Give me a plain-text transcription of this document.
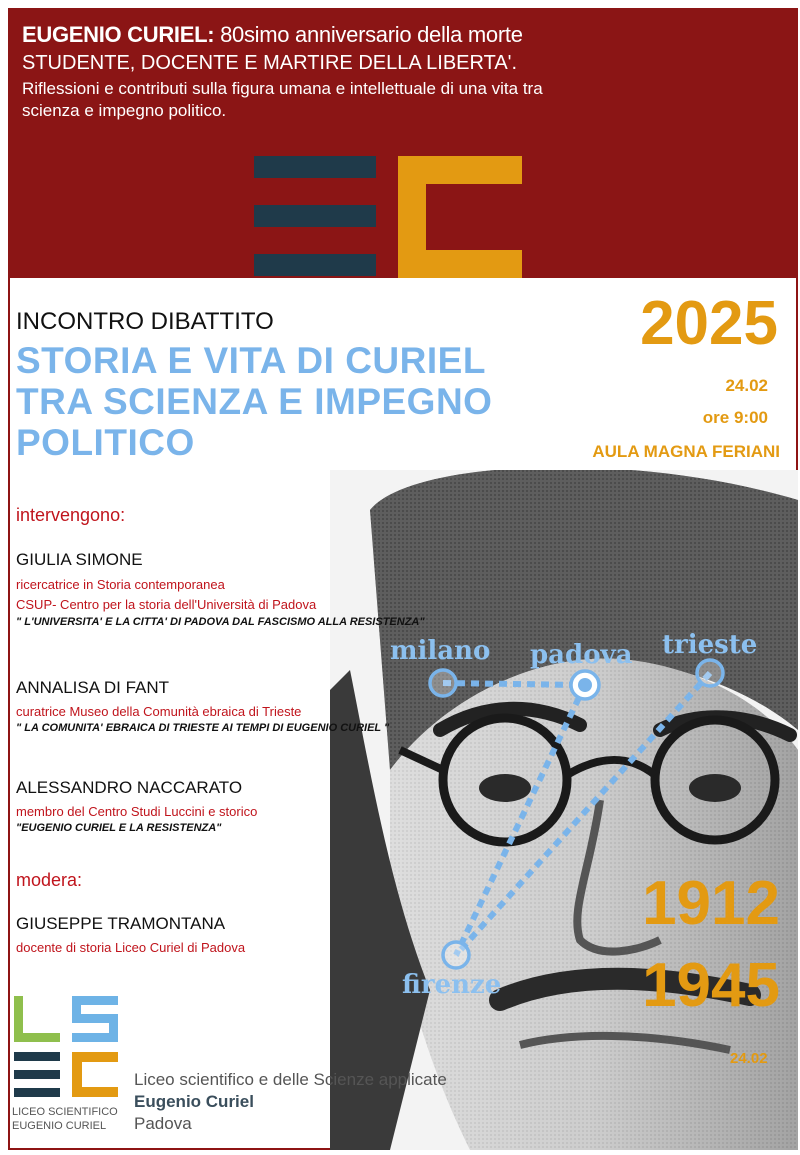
EUGENIO CURIEL: 80simo anniversario della morte
STUDENTE, DOCENTE E MARTIRE DELLA LIBERTA'.
Riflessioni e contributi sulla figura umana e intellettuale di una vita tra scienza e impegno politico.
milano padova trieste
firenze
INCONTRO DIBATTITO
STORIA E VITA DI CURIEL
TRA SCIENZA E IMPEGNO
POLITICO
2025
24.02
ore 9:00
AULA MAGNA FERIANI
intervengono:
GIULIA SIMONE
ricercatrice in Storia contemporanea
CSUP- Centro per la storia dell'Università di Padova
" L'UNIVERSITA' E LA CITTA' DI PADOVA DAL FASCISMO ALLA RESISTENZA"
ANNALISA DI FANT
curatrice Museo della Comunità ebraica di Trieste
" LA COMUNITA' EBRAICA DI TRIESTE AI TEMPI DI EUGENIO CURIEL "
ALESSANDRO NACCARATO
membro del Centro Studi Luccini e storico
"EUGENIO CURIEL E LA RESISTENZA"
modera:
GIUSEPPE TRAMONTANA
docente di storia Liceo Curiel di Padova
1912
1945
24.02
LICEO SCIENTIFICO
EUGENIO CURIEL
Liceo scientifico e delle Scienze applicate
Eugenio Curiel
Padova
